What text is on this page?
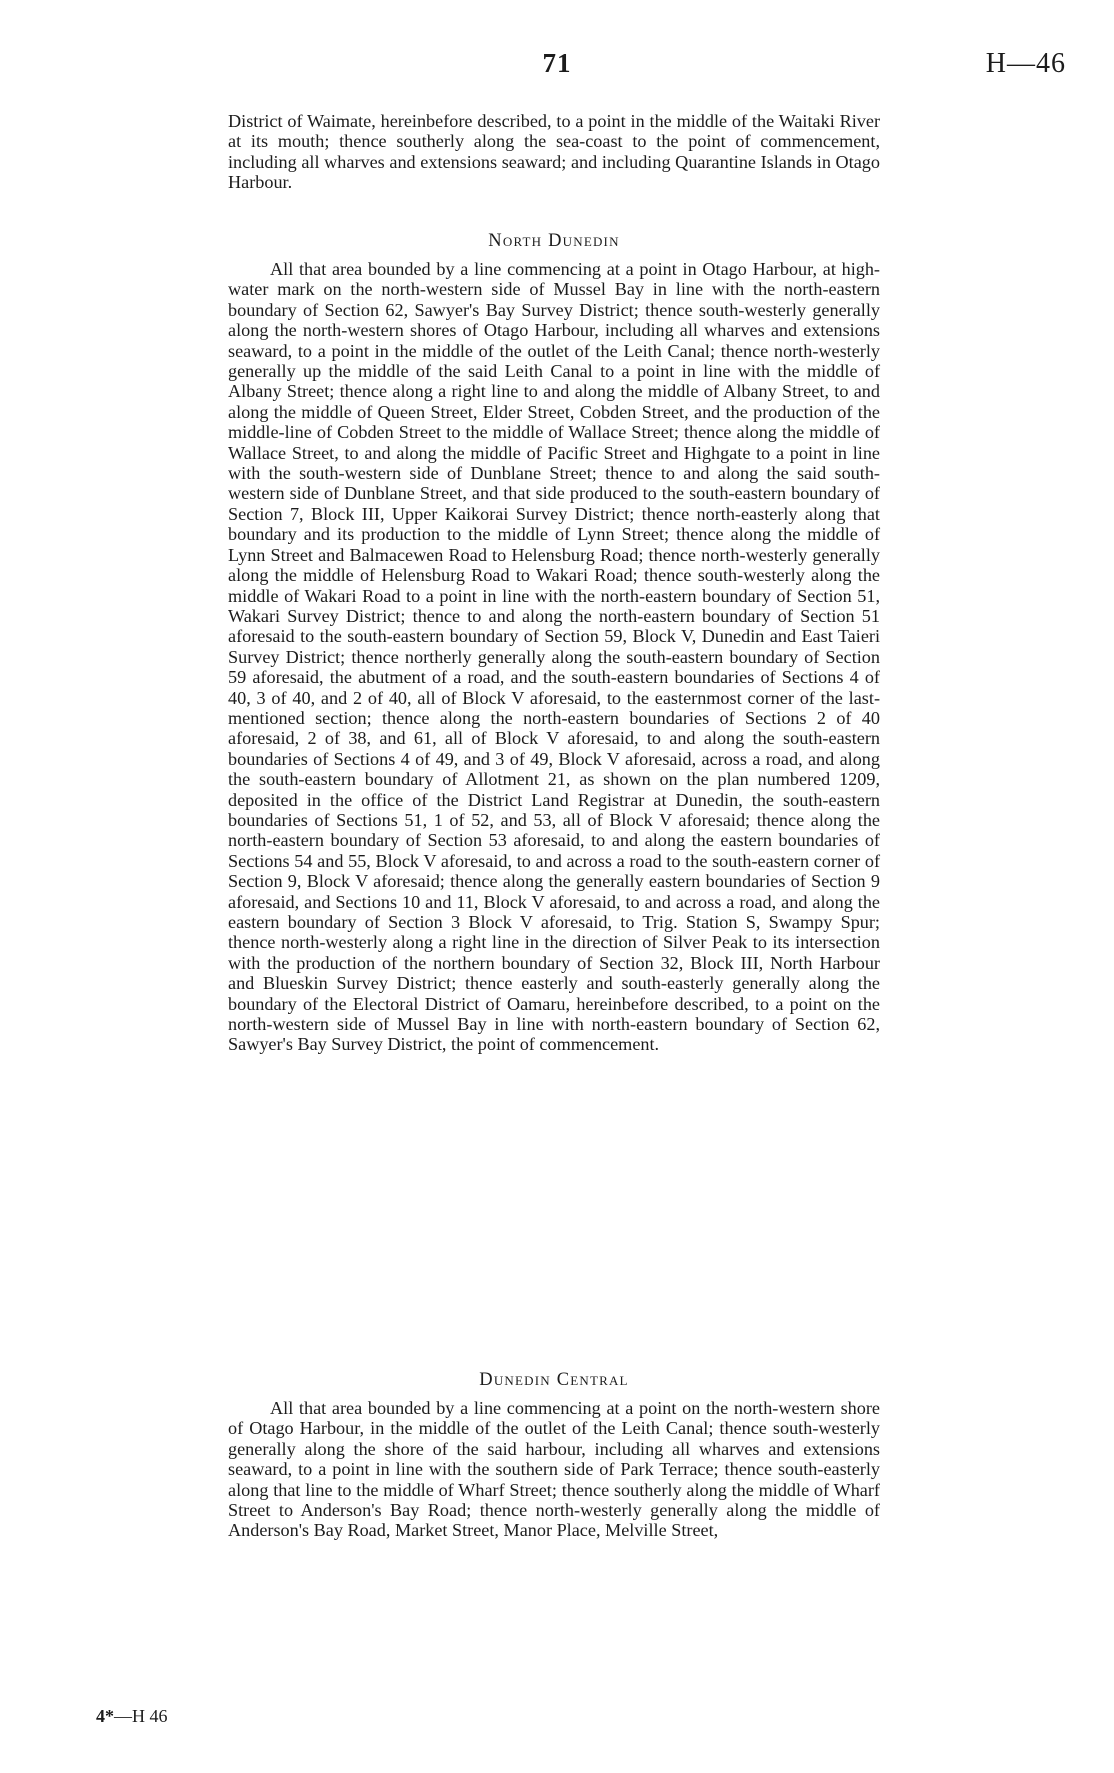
71	H—46

District of Waimate, hereinbefore described, to a point in the middle of the Waitaki River at its mouth; thence southerly along the sea-coast to the point of commencement, including all wharves and extensions seaward; and including Quarantine Islands in Otago Harbour.

North Dunedin

All that area bounded by a line commencing at a point in Otago Harbour, at high-water mark on the north-western side of Mussel Bay in line with the north-eastern boundary of Section 62, Sawyer's Bay Survey District; thence south-westerly generally along the north-western shores of Otago Harbour, including all wharves and extensions seaward, to a point in the middle of the outlet of the Leith Canal; thence north-westerly generally up the middle of the said Leith Canal to a point in line with the middle of Albany Street; thence along a right line to and along the middle of Albany Street, to and along the middle of Queen Street, Elder Street, Cobden Street, and the production of the middle-line of Cobden Street to the middle of Wallace Street; thence along the middle of Wallace Street, to and along the middle of Pacific Street and Highgate to a point in line with the south-western side of Dunblane Street; thence to and along the said south-western side of Dunblane Street, and that side produced to the south-eastern boundary of Section 7, Block III, Upper Kaikorai Survey District; thence north-easterly along that boundary and its production to the middle of Lynn Street; thence along the middle of Lynn Street and Balmacewen Road to Helensburg Road; thence north-westerly generally along the middle of Helensburg Road to Wakari Road; thence south-westerly along the middle of Wakari Road to a point in line with the north-eastern boundary of Section 51, Wakari Survey District; thence to and along the north-eastern boundary of Section 51 aforesaid to the south-eastern boundary of Section 59, Block V, Dunedin and East Taieri Survey District; thence northerly generally along the south-eastern boundary of Section 59 aforesaid, the abutment of a road, and the south-eastern boundaries of Sections 4 of 40, 3 of 40, and 2 of 40, all of Block V aforesaid, to the easternmost corner of the last-mentioned section; thence along the north-eastern boundaries of Sections 2 of 40 aforesaid, 2 of 38, and 61, all of Block V aforesaid, to and along the south-eastern boundaries of Sections 4 of 49, and 3 of 49, Block V aforesaid, across a road, and along the south-eastern boundary of Allotment 21, as shown on the plan numbered 1209, deposited in the office of the District Land Registrar at Dunedin, the south-eastern boundaries of Sections 51, 1 of 52, and 53, all of Block V aforesaid; thence along the north-eastern boundary of Section 53 aforesaid, to and along the eastern boundaries of Sections 54 and 55, Block V aforesaid, to and across a road to the south-eastern corner of Section 9, Block V aforesaid; thence along the generally eastern boundaries of Section 9 aforesaid, and Sections 10 and 11, Block V aforesaid, to and across a road, and along the eastern boundary of Section 3 Block V aforesaid, to Trig. Station S, Swampy Spur; thence north-westerly along a right line in the direction of Silver Peak to its intersection with the production of the northern boundary of Section 32, Block III, North Harbour and Blueskin Survey District; thence easterly and south-easterly generally along the boundary of the Electoral District of Oamaru, hereinbefore described, to a point on the north-western side of Mussel Bay in line with north-eastern boundary of Section 62, Sawyer's Bay Survey District, the point of commencement.

Dunedin Central

All that area bounded by a line commencing at a point on the north-western shore of Otago Harbour, in the middle of the outlet of the Leith Canal; thence south-westerly generally along the shore of the said harbour, including all wharves and extensions seaward, to a point in line with the southern side of Park Terrace; thence south-easterly along that line to the middle of Wharf Street; thence southerly along the middle of Wharf Street to Anderson's Bay Road; thence north-westerly generally along the middle of Anderson's Bay Road, Market Street, Manor Place, Melville Street,

4*—H 46
